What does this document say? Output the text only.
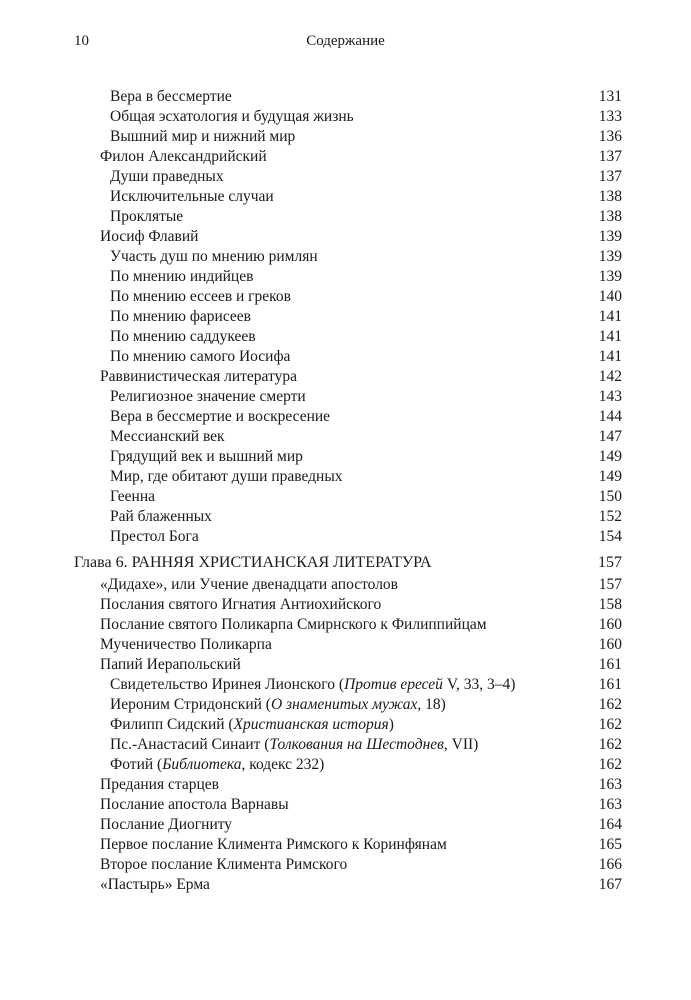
10	Содержание
Вера в бессмертие	131
Общая эсхатология и будущая жизнь	133
Вышний мир и нижний мир	136
Филон Александрийский	137
Души праведных	137
Исключительные случаи	138
Проклятые	138
Иосиф Флавий	139
Участь душ по мнению римлян	139
По мнению индийцев	139
По мнению ессеев и греков	140
По мнению фарисеев	141
По мнению саддукеев	141
По мнению самого Иосифа	141
Раввинистическая литература	142
Религиозное значение смерти	143
Вера в бессмертие и воскресение	144
Мессианский век	147
Грядущий век и вышний мир	149
Мир, где обитают души праведных	149
Геенна	150
Рай блаженных	152
Престол Бога	154
Глава 6. РАННЯЯ ХРИСТИАНСКАЯ ЛИТЕРАТУРА	157
«Дидахе», или Учение двенадцати апостолов	157
Послания святого Игнатия Антиохийского	158
Послание святого Поликарпа Смирнского к Филиппийцам	160
Мученичество Поликарпа	160
Папий Иерапольский	161
Свидетельство Иринея Лионского (Против ересей V, 33, 3–4)	161
Иероним Стридонский (О знаменитых мужах, 18)	162
Филипп Сидский (Христианская история)	162
Пс.-Анастасий Синаит (Толкования на Шестоднев, VII)	162
Фотий (Библиотека, кодекс 232)	162
Предания старцев	163
Послание апостола Варнавы	163
Послание Диогниту	164
Первое послание Климента Римского к Коринфянам	165
Второе послание Климента Римского	166
«Пастырь» Ерма	167
